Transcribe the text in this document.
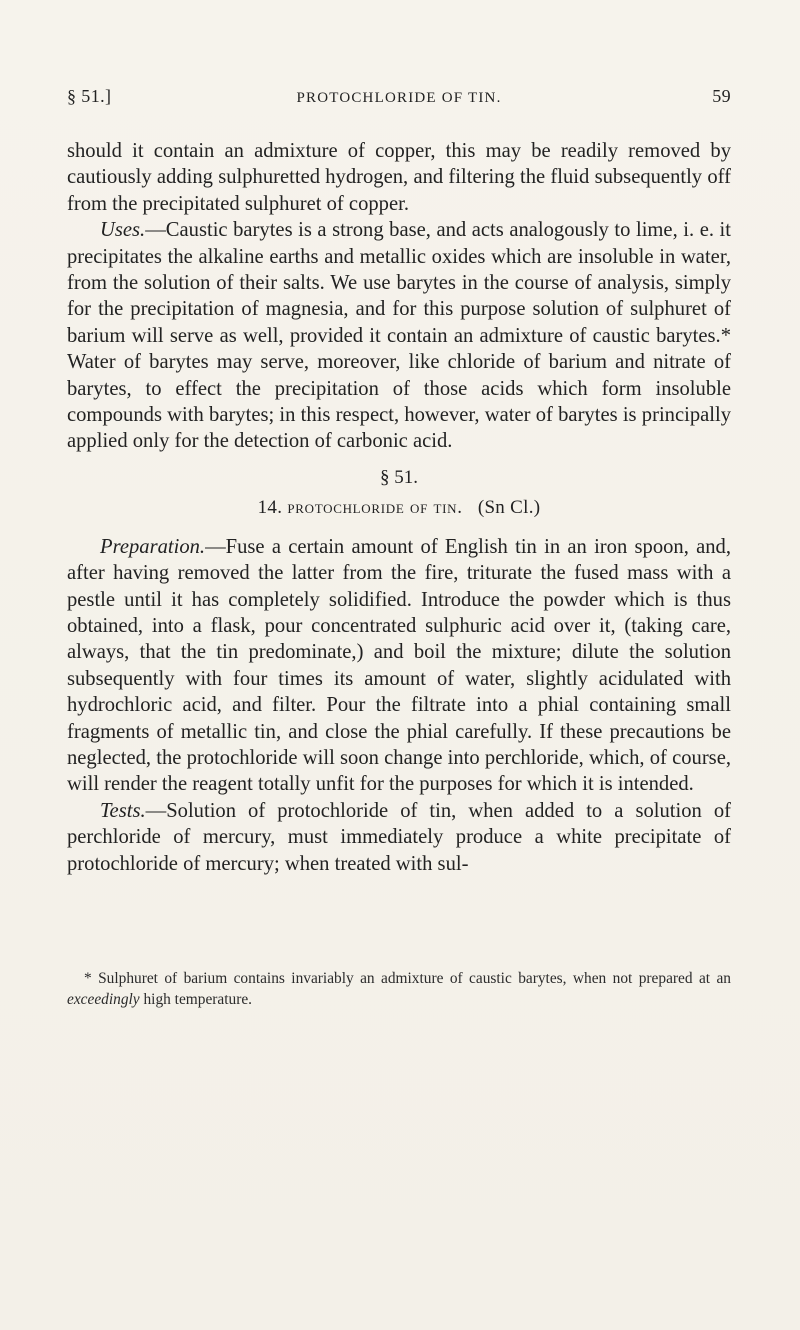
§ 51.]	PROTOCHLORIDE OF TIN.	59

should it contain an admixture of copper, this may be readily removed by cautiously adding sulphuretted hydrogen, and filtering the fluid subsequently off from the precipitated sulphuret of copper.

Uses.—Caustic barytes is a strong base, and acts analogously to lime, i. e. it precipitates the alkaline earths and metallic oxides which are insoluble in water, from the solution of their salts. We use barytes in the course of analysis, simply for the precipitation of magnesia, and for this purpose solution of sulphuret of barium will serve as well, provided it contain an admixture of caustic barytes.* Water of barytes may serve, moreover, like chloride of barium and nitrate of barytes, to effect the precipitation of those acids which form insoluble compounds with barytes; in this respect, however, water of barytes is principally applied only for the detection of carbonic acid.

§ 51.

14. protochloride of tin. (Sn Cl.)

Preparation.—Fuse a certain amount of English tin in an iron spoon, and, after having removed the latter from the fire, triturate the fused mass with a pestle until it has completely solidified. Introduce the powder which is thus obtained, into a flask, pour concentrated sulphuric acid over it, (taking care, always, that the tin predominate,) and boil the mixture; dilute the solution subsequently with four times its amount of water, slightly acidulated with hydrochloric acid, and filter. Pour the filtrate into a phial containing small fragments of metallic tin, and close the phial carefully. If these precautions be neglected, the protochloride will soon change into perchloride, which, of course, will render the reagent totally unfit for the purposes for which it is intended.

Tests.—Solution of protochloride of tin, when added to a solution of perchloride of mercury, must immediately produce a white precipitate of protochloride of mercury; when treated with sul-

* Sulphuret of barium contains invariably an admixture of caustic barytes, when not prepared at an exceedingly high temperature.
